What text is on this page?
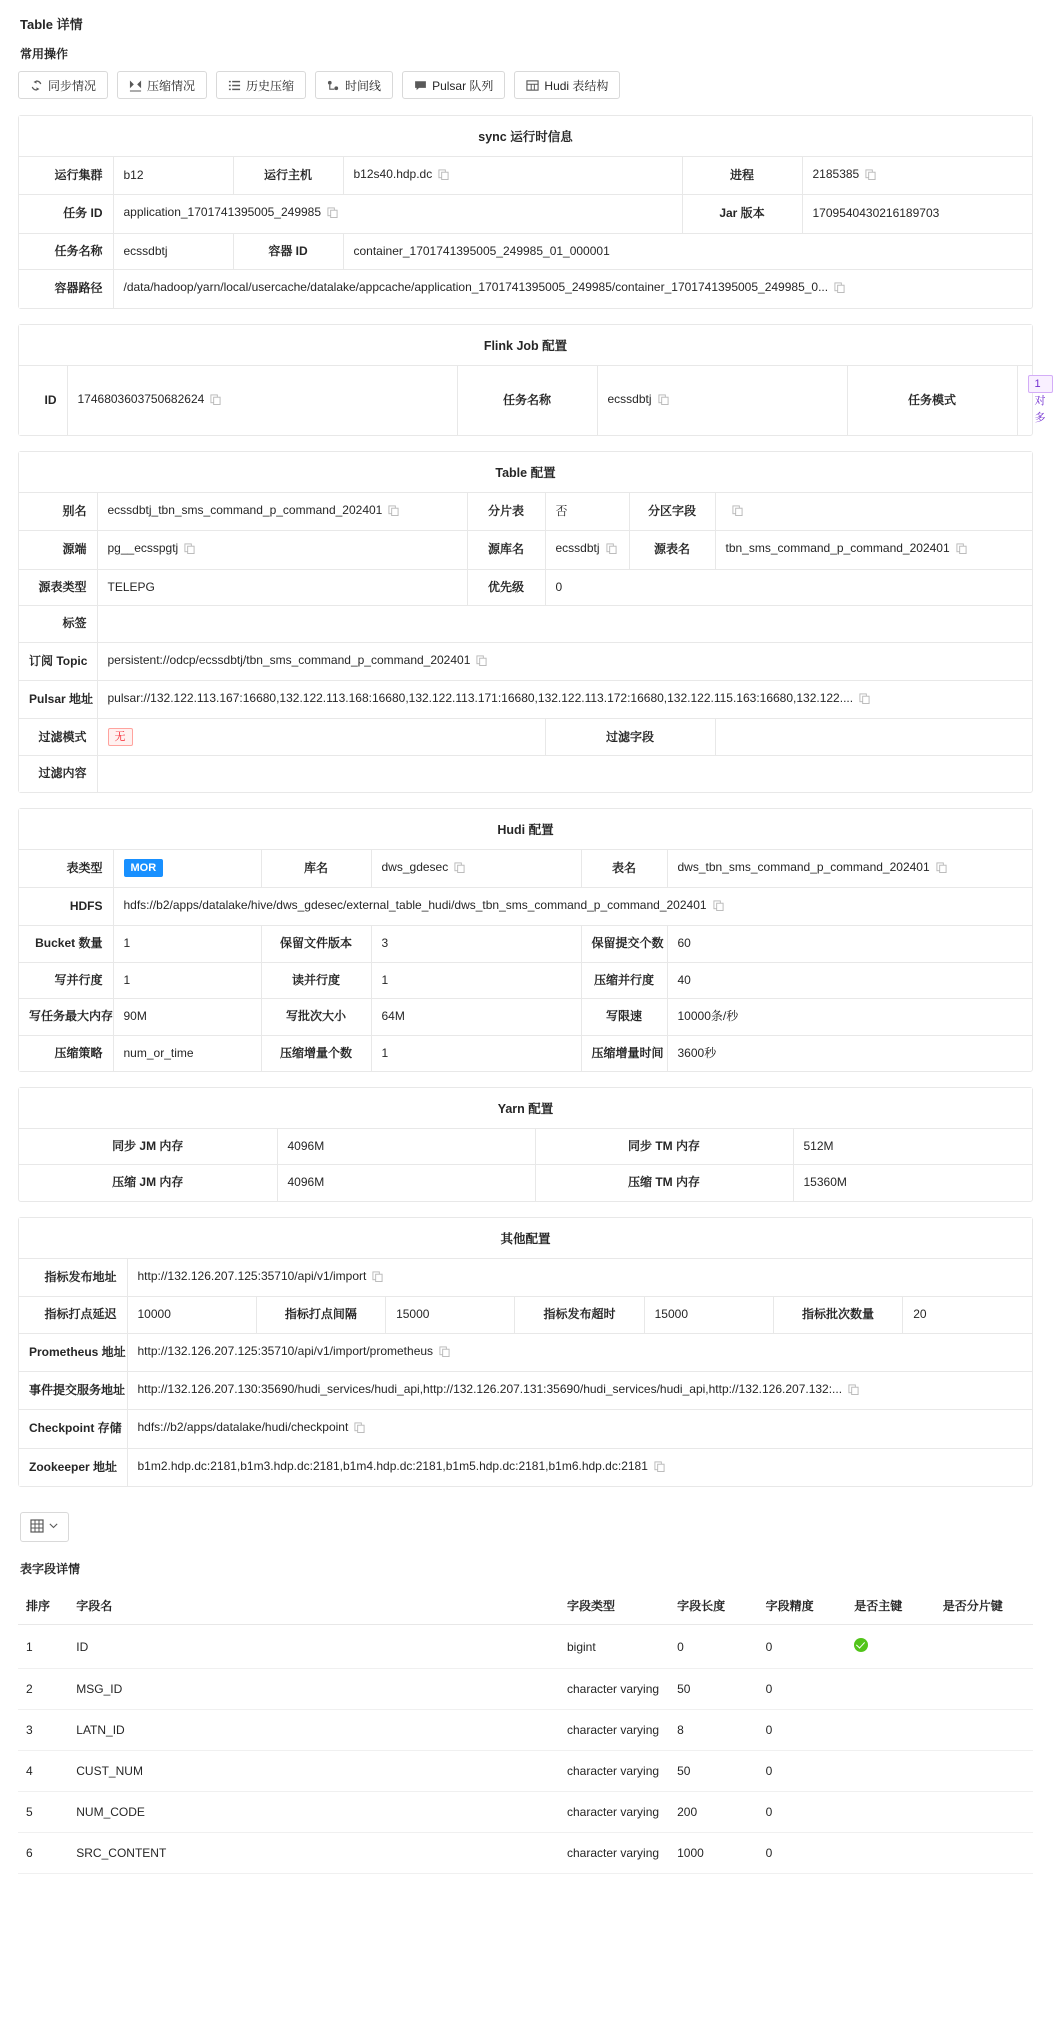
Table 详情
常用操作
同步情况	压缩情况	历史压缩	时间线	Pulsar 队列	Hudi 表结构
sync 运行时信息
运行集群	b12	运行主机	b12s40.hdp.dc	进程	2185385
任务 ID	application_1701741395005_249985			Jar 版本	1709540430216189703
任务名称	ecssdbtj	容器 ID	container_1701741395005_249985_01_000001		
容器路径	/data/hadoop/yarn/local/usercache/datalake/appcache/application_1701741395005_249985/container_1701741395005_249985_0...				
Flink Job 配置
ID	1746803603750682624	任务名称	ecssdbtj	任务模式	1对多
Table 配置
别名	ecssdbtj_tbn_sms_command_p_command_202401	分片表	否	分区字段	
源端	pg__ecsspgtj	源库名	ecssdbtj	源表名	tbn_sms_command_p_command_202401
源表类型	TELEPG	优先级	0		
标签					
订阅 Topic	persistent://odcp/ecssdbtj/tbn_sms_command_p_command_202401				
Pulsar 地址	pulsar://132.122.113.167:16680,132.122.113.168:16680,132.122.113.171:16680,132.122.113.172:16680,132.122.115.163:16680,132.122....				
过滤模式	无		过滤字段		
过滤内容					
Hudi 配置
表类型	MOR	库名	dws_gdesec	表名	dws_tbn_sms_command_p_command_202401
HDFS	hdfs://b2/apps/datalake/hive/dws_gdesec/external_table_hudi/dws_tbn_sms_command_p_command_202401				
Bucket 数量	1	保留文件版本	3	保留提交个数	60
写并行度	1	读并行度	1	压缩并行度	40
写任务最大内存	90M	写批次大小	64M	写限速	10000条/秒
压缩策略	num_or_time	压缩增量个数	1	压缩增量时间	3600秒
Yarn 配置
同步 JM 内存	4096M	同步 TM 内存	512M
压缩 JM 内存	4096M	压缩 TM 内存	15360M
其他配置
指标发布地址	http://132.126.207.125:35710/api/v1/import						
指标打点延迟	10000	指标打点间隔	15000	指标发布超时	15000	指标批次数量	20
Prometheus 地址	http://132.126.207.125:35710/api/v1/import/prometheus						
事件提交服务地址	http://132.126.207.130:35690/hudi_services/hudi_api,http://132.126.207.131:35690/hudi_services/hudi_api,http://132.126.207.132:...						
Checkpoint 存储	hdfs://b2/apps/datalake/hudi/checkpoint						
Zookeeper 地址	b1m2.hdp.dc:2181,b1m3.hdp.dc:2181,b1m4.hdp.dc:2181,b1m5.hdp.dc:2181,b1m6.hdp.dc:2181						
表字段详情
排序	字段名	字段类型	字段长度	字段精度	是否主键	是否分片键
1	ID	bigint	0	0		
2	MSG_ID	character varying	50	0		
3	LATN_ID	character varying	8	0		
4	CUST_NUM	character varying	50	0		
5	NUM_CODE	character varying	200	0		
6	SRC_CONTENT	character varying	1000	0		
